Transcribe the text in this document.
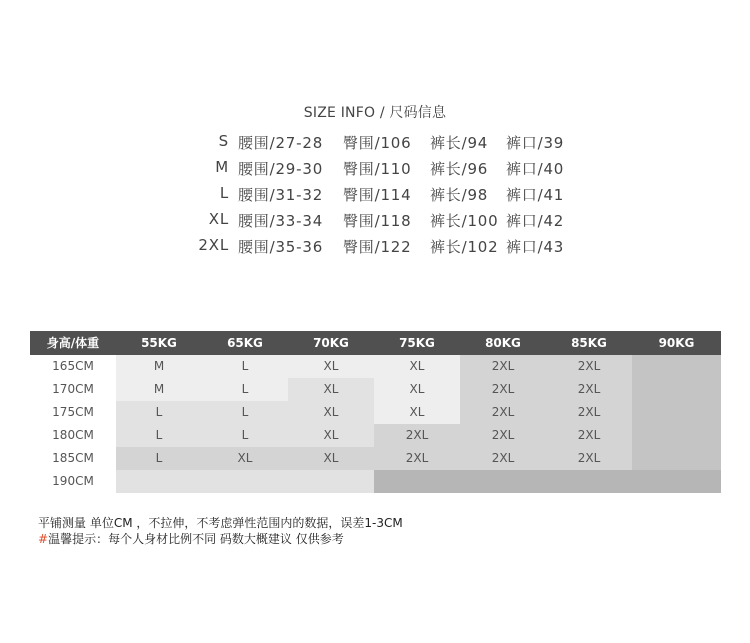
SIZE INFO / 尺码信息
S 腰围/27-28 臀围/106 裤长/94 裤口/39
M 腰围/29-30 臀围/110 裤长/96 裤口/40
L 腰围/31-32 臀围/114 裤长/98 裤口/41
XL 腰围/33-34 臀围/118 裤长/100 裤口/42
2XL 腰围/35-36 臀围/122 裤长/102 裤口/43
身高/体重	55KG	65KG	70KG	75KG	80KG	85KG	90KG
165CM	M	L	XL	XL	2XL	2XL
170CM	M	L	XL	XL	2XL	2XL
175CM	L	L	XL	XL	2XL	2XL
180CM	L	L	XL	2XL	2XL	2XL
185CM	L	XL	XL	2XL	2XL	2XL
190CM
平铺测量 单位CM ，不拉伸，不考虑弹性范围内的数据，误差1-3CM
#温馨提示：每个人身材比例不同 码数大概建议 仅供参考
